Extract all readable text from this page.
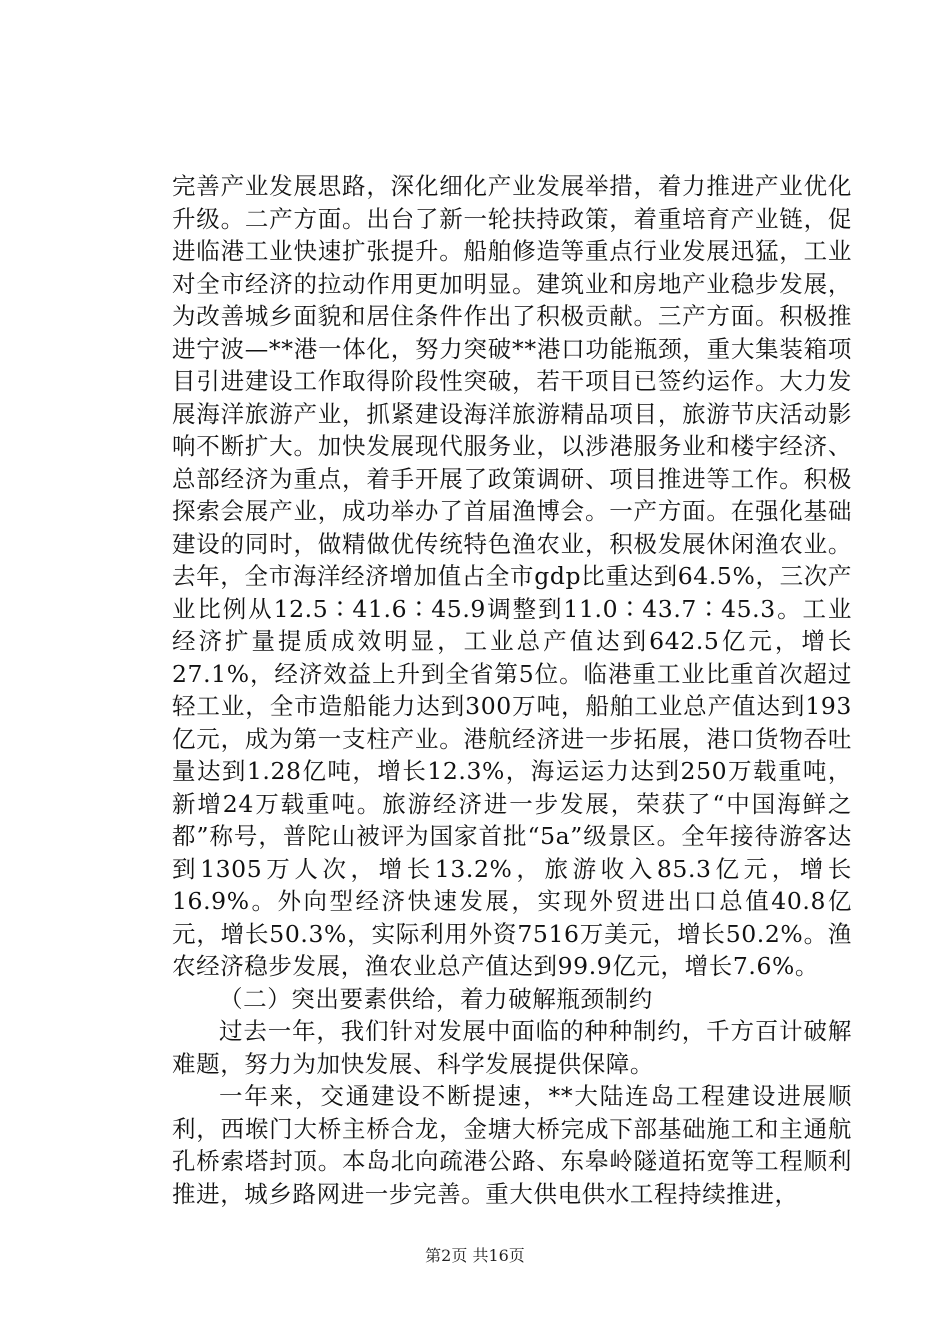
完善产业发展思路，深化细化产业发展举措，着力推进产业优化升级。二产方面。出台了新一轮扶持政策，着重培育产业链，促进临港工业快速扩张提升。船舶修造等重点行业发展迅猛，工业对全市经济的拉动作用更加明显。建筑业和房地产业稳步发展，为改善城乡面貌和居住条件作出了积极贡献。三产方面。积极推进宁波—**港一体化，努力突破**港口功能瓶颈，重大集装箱项目引进建设工作取得阶段性突破，若干项目已签约运作。大力发展海洋旅游产业，抓紧建设海洋旅游精品项目，旅游节庆活动影响不断扩大。加快发展现代服务业，以涉港服务业和楼宇经济、总部经济为重点，着手开展了政策调研、项目推进等工作。积极探索会展产业，成功举办了首届渔博会。一产方面。在强化基础建设的同时，做精做优传统特色渔农业，积极发展休闲渔农业。去年，全市海洋经济增加值占全市gdp比重达到64.5%，三次产业比例从12.5∶41.6∶45.9调整到11.0∶43.7∶45.3。工业经济扩量提质成效明显，工业总产值达到642.5亿元，增长27.1%，经济效益上升到全省第5位。临港重工业比重首次超过轻工业，全市造船能力达到300万吨，船舶工业总产值达到193亿元，成为第一支柱产业。港航经济进一步拓展，港口货物吞吐量达到1.28亿吨，增长12.3%，海运运力达到250万载重吨，新增24万载重吨。旅游经济进一步发展，荣获了“中国海鲜之都”称号，普陀山被评为国家首批“5a”级景区。全年接待游客达到1305万人次，增长13.2%，旅游收入85.3亿元，增长16.9%。外向型经济快速发展，实现外贸进出口总值40.8亿元，增长50.3%，实际利用外资7516万美元，增长50.2%。渔农经济稳步发展，渔农业总产值达到99.9亿元，增长7.6%。

（二）突出要素供给，着力破解瓶颈制约

过去一年，我们针对发展中面临的种种制约，千方百计破解难题，努力为加快发展、科学发展提供保障。

一年来，交通建设不断提速，**大陆连岛工程建设进展顺利，西堠门大桥主桥合龙，金塘大桥完成下部基础施工和主通航孔桥索塔封顶。本岛北向疏港公路、东皋岭隧道拓宽等工程顺利推进，城乡路网进一步完善。重大供电供水工程持续推进，

第2页 共16页
